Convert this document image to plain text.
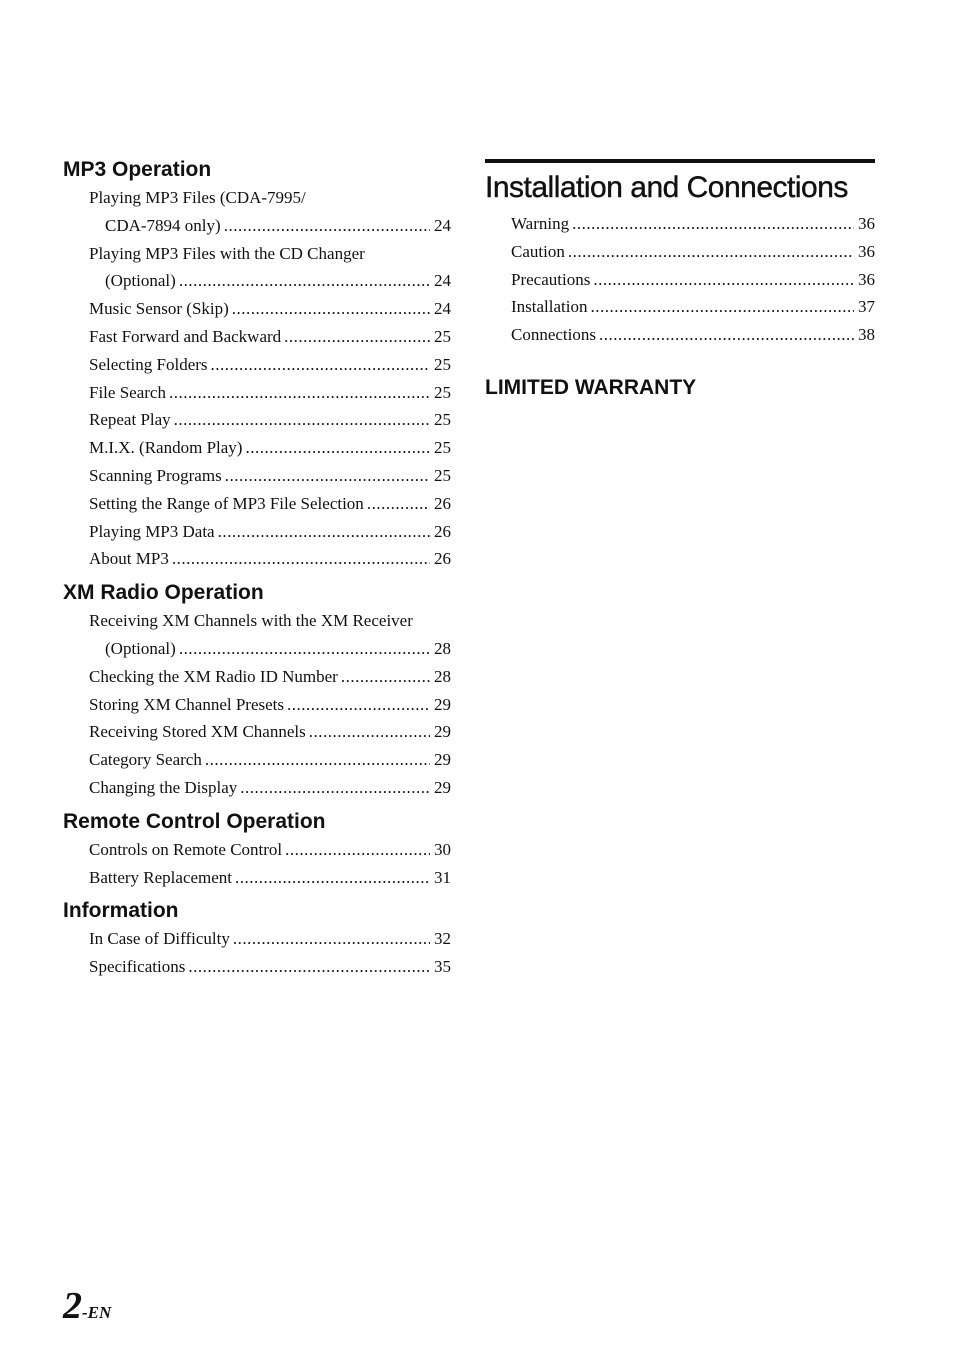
MP3 Operation
Playing MP3 Files (CDA-7995/
CDA-7894 only) .....	24
Playing MP3 Files with the CD Changer
(Optional) .....	24
Music Sensor (Skip) .....	24
Fast Forward and Backward .....	25
Selecting Folders .....	25
File Search .....	25
Repeat Play .....	25
M.I.X. (Random Play) .....	25
Scanning Programs .....	25
Setting the Range of MP3 File Selection .....	26
Playing MP3 Data .....	26
About MP3 .....	26
XM Radio Operation
Receiving XM Channels with the XM Receiver
(Optional) .....	28
Checking the XM Radio ID Number .....	28
Storing XM Channel Presets .....	29
Receiving Stored XM Channels .....	29
Category Search .....	29
Changing the Display .....	29
Remote Control Operation
Controls on Remote Control .....	30
Battery Replacement .....	31
Information
In Case of Difficulty .....	32
Specifications .....	35
Installation and Connections
Warning .....	36
Caution .....	36
Precautions .....	36
Installation .....	37
Connections .....	38
LIMITED WARRANTY
2-EN
